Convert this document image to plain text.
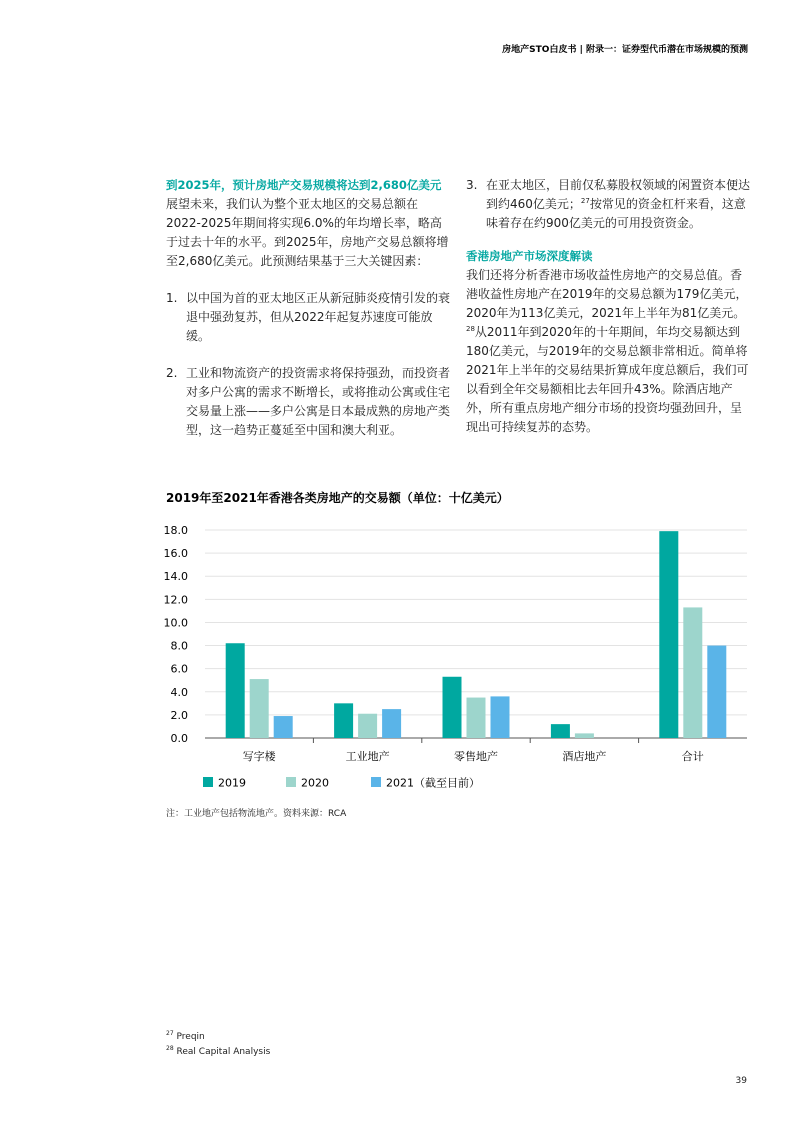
房地产STO白皮书 | 附录一：证券型代币潜在市场规模的预测
到2025年，预计房地产交易规模将达到2,680亿美元

展望未来，我们认为整个亚太地区的交易总额在2022-2025年期间将实现6.0%的年均增长率，略高于过去十年的水平。到2025年，房地产交易总额将增至2,680亿美元。此预测结果基于三大关键因素：

1. 以中国为首的亚太地区正从新冠肺炎疫情引发的衰退中强劲复苏，但从2022年起复苏速度可能放缓。
2. 工业和物流资产的投资需求将保持强劲，而投资者对多户公寓的需求不断增长，或将推动公寓或住宅交易量上涨——多户公寓是日本最成熟的房地产类型，这一趋势正蔓延至中国和澳大利亚。
3. 在亚太地区，目前仅私募股权领域的闲置资本便达到约460亿美元；$^{27}$按常见的资金杠杆来看，这意味着存在约900亿美元的可用投资资金。
香港房地产市场深度解读

我们还将分析香港市场收益性房地产的交易总值。香港收益性房地产在2019年的交易总额为179亿美元，2020年为113亿美元，2021年上半年为81亿美元。$^{28}$从2011年到2020年的十年期间，年均交易额达到180亿美元，与2019年的交易总额非常相近。简单将2021年上半年的交易结果折算成年度总额后，我们可以看到全年交易额相比去年回升43%。除酒店地产外，所有重点房地产细分市场的投资均强劲回升，呈现出可持续复苏的态势。

2019年至2021年香港各类房地产的交易额（单位：十亿美元）
0.0
2.0
4.0
6.0
8.0
10.0
12.0
14.0
16.0
18.0
写字楼	工业地产	零售地产	酒店地产	合计
2019	2020	2021（截至目前）
注：工业地产包括物流地产。资料来源：RCA
$^{27}$ Preqin
$^{28}$ Real Capital Analysis
39
